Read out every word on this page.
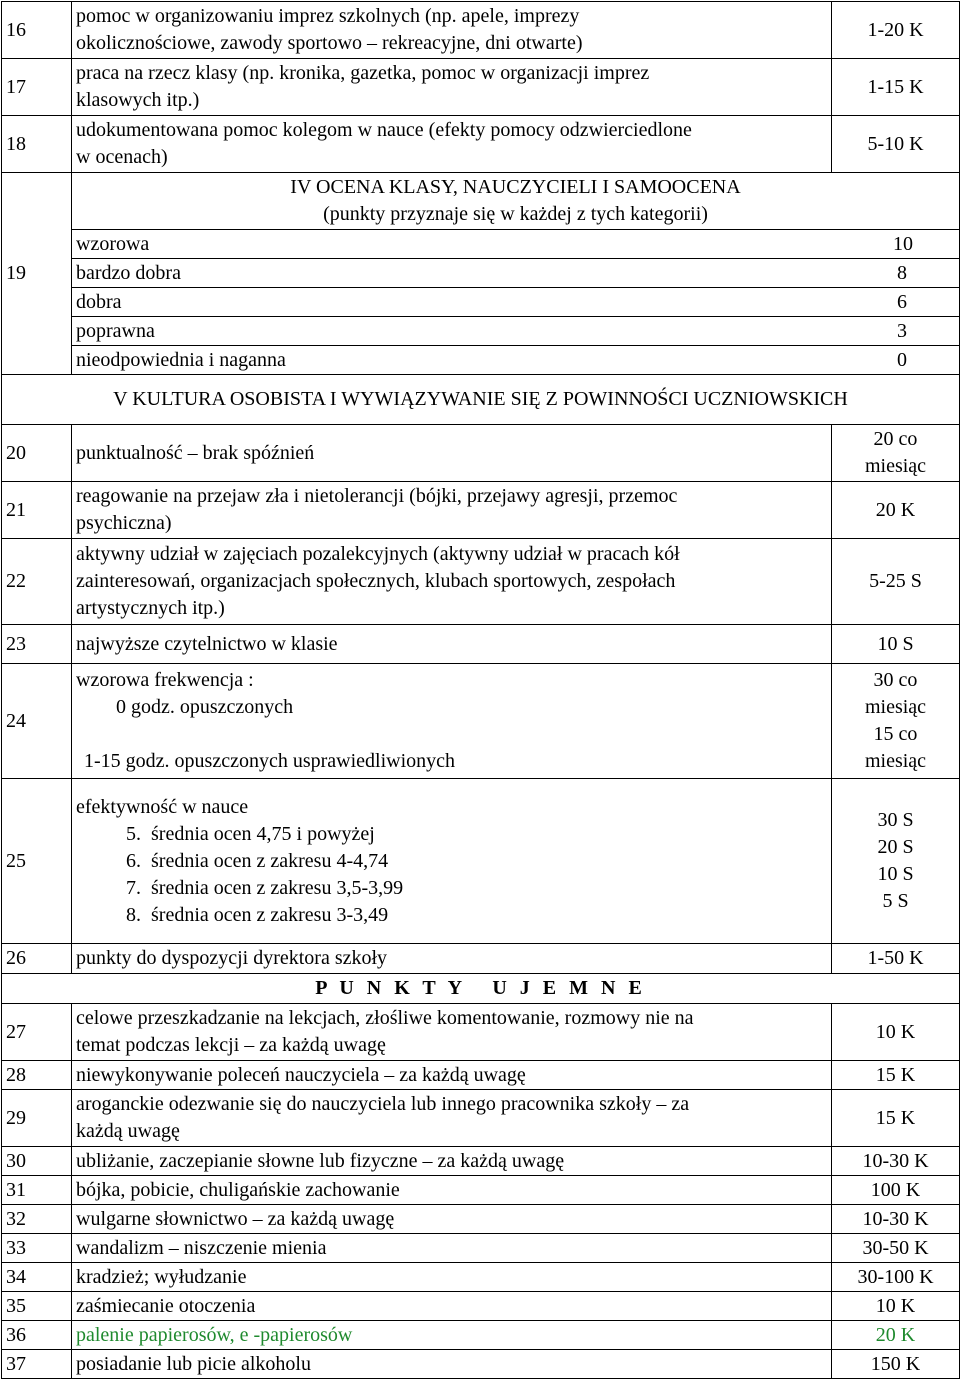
16	pomoc w organizowaniu imprez szkolnych (np. apele, imprezy
okolicznościowe, zawody sportowo – rekreacyjne, dni otwarte)	1-20 K
17	praca na rzecz klasy (np. kronika, gazetka, pomoc w organizacji imprez
klasowych itp.)	1-15 K
18	udokumentowana pomoc kolegom w nauce (efekty pomocy odzwierciedlone
w ocenach)	5-10 K
19	IV OCENA KLASY, NAUCZYCIELI I SAMOOCENA
(punkty przyznaje się w każdej z tych kategorii)	

	wzorowa 10	

	bardzo dobra 8	

	dobra 6	

	poprawna 3	

	nieodpowiednia i naganna 0	

V KULTURA OSOBISTA I WYWIĄZYWANIE SIĘ Z POWINNOŚCI UCZNIOWSKICH		
20	punktualność – brak spóźnień	20 co
miesiąc

21	reagowanie na przejaw zła i nietolerancji (bójki, przejawy agresji, przemoc
psychiczna)	20 K
22	aktywny udział w zajęciach pozalekcyjnych (aktywny udział w pracach kół
zainteresowań, organizacjach społecznych, klubach sportowych, zespołach
artystycznych itp.)	5-25 S
23	najwyższe czytelnictwo w klasie	10 S
24	wzorowa frekwencja :
0 godz. opuszczonych
1-15 godz. opuszczonych usprawiedliwionych	30 co
miesiąc
15 co
miesiąc

25	efektywność w nauce
5. średnia ocen 4,75 i powyżej
6. średnia ocen z zakresu 4-4,74
7. średnia ocen z zakresu 3,5-3,99
8. średnia ocen z zakresu 3-3,49	30 S
20 S
10 S
5 S

26	punkty do dyspozycji dyrektora szkoły	1-50 K
P U N K T Y   U J E M N E		
27	celowe przeszkadzanie na lekcjach, złośliwe komentowanie, rozmowy nie na
temat podczas lekcji – za każdą uwagę	10 K
28	niewykonywanie poleceń nauczyciela – za każdą uwagę	15 K
29	aroganckie odezwanie się do nauczyciela lub innego pracownika szkoły – za
każdą uwagę	15 K
30	ubliżanie, zaczepianie słowne lub fizyczne – za każdą uwagę	10-30 K
31	bójka, pobicie, chuligańskie zachowanie	100 K
32	wulgarne słownictwo – za każdą uwagę	10-30 K
33	wandalizm – niszczenie mienia	30-50 K
34	kradzież; wyłudzanie	30-100 K
35	zaśmiecanie otoczenia	10 K
36	palenie papierosów, e -papierosów	20 K
37	posiadanie lub picie alkoholu	150 K
